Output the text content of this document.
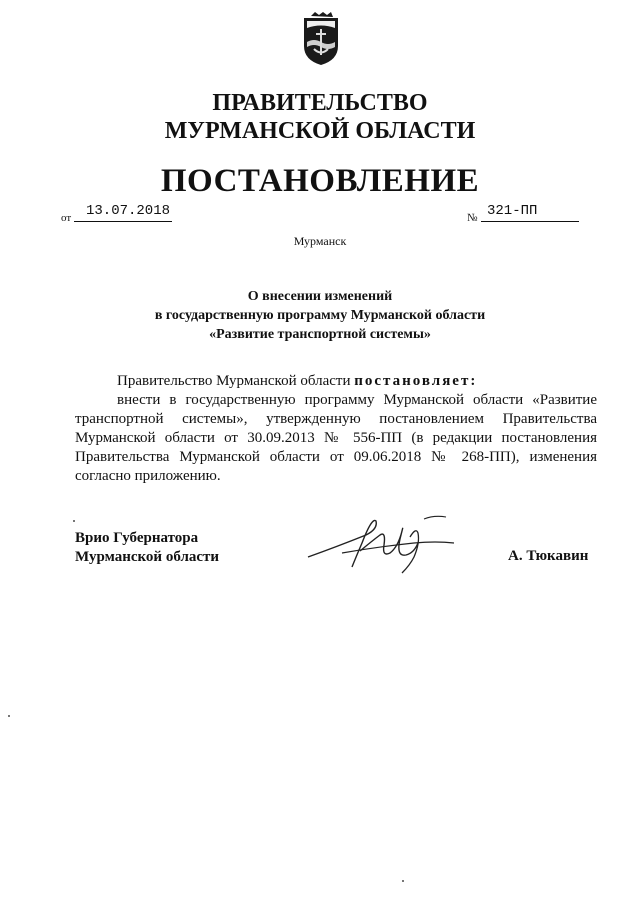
ПРАВИТЕЛЬСТВО
МУРМАНСКОЙ ОБЛАСТИ
ПОСТАНОВЛЕНИЕ
от 13.07.2018	№ 321-ПП
Мурманск
О внесении изменений
в государственную программу Мурманской области
«Развитие транспортной системы»

Правительство Мурманской области постановляет:

внести в государственную программу Мурманской области «Развитие транспортной системы», утвержденную постановлением Правительства Мурманской области от 30.09.2013 № 556-ПП (в редакции постановления Правительства Мурманской области от 09.06.2018 № 268-ПП), изменения согласно приложению.

Врио Губернатора
Мурманской области	А. Тюкавин
